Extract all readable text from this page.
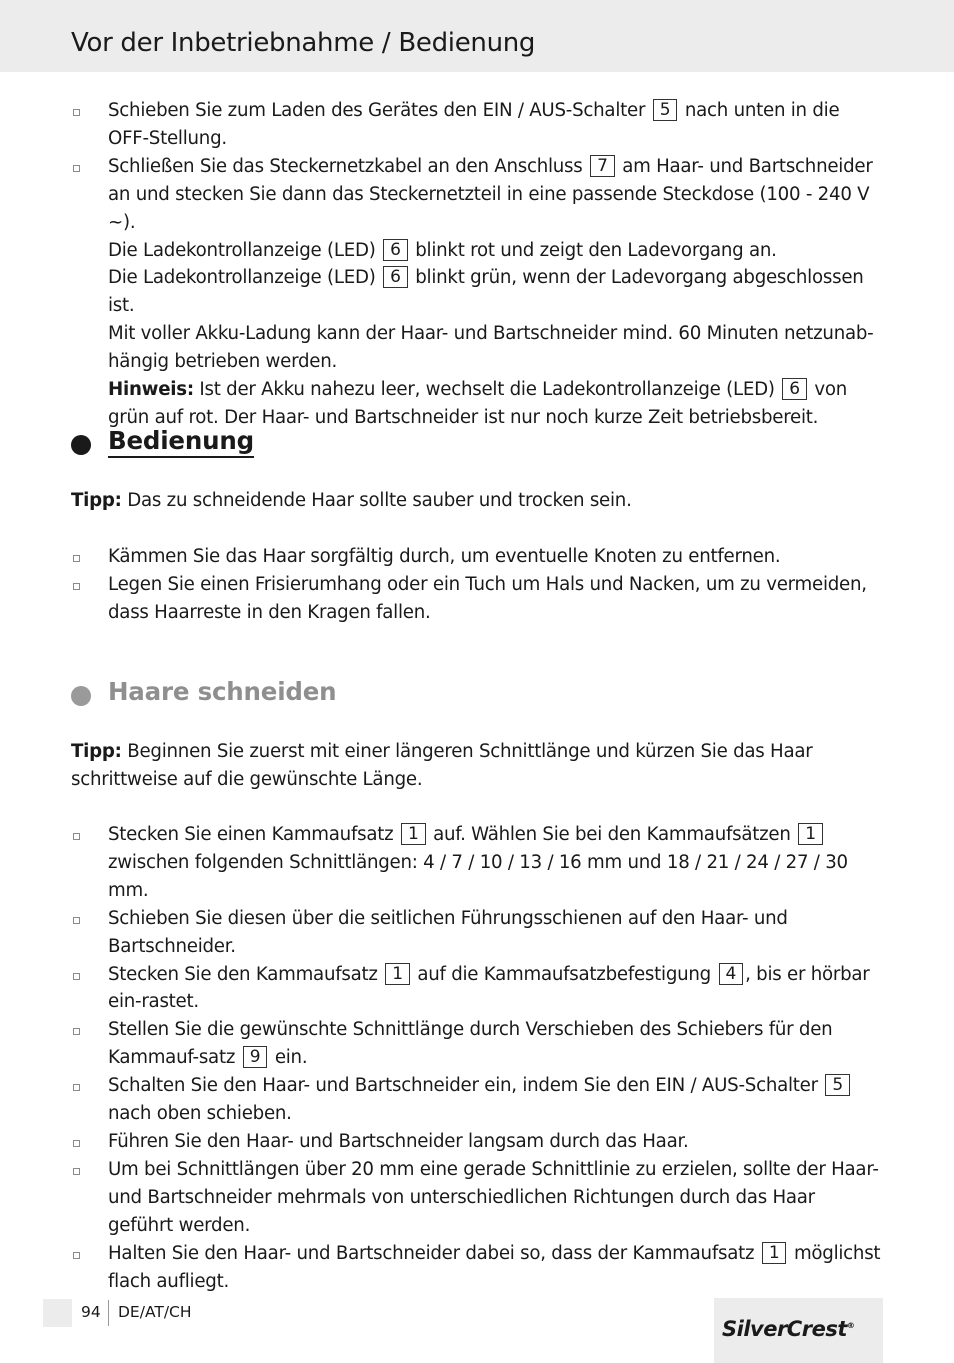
Vor der Inbetriebnahme / Bedienung
Schieben Sie zum Laden des Gerätes den EIN / AUS-Schalter 5 nach unten in die OFF-Stellung.
Schließen Sie das Steckernetzkabel an den Anschluss 7 am Haar- und Bartschneider an und stecken Sie dann das Steckernetzteil in eine passende Steckdose (100 - 240 V ~).
Die Ladekontrollanzeige (LED) 6 blinkt rot und zeigt den Ladevorgang an.
Die Ladekontrollanzeige (LED) 6 blinkt grün, wenn der Ladevorgang abgeschlossen ist.
Mit voller Akku-Ladung kann der Haar- und Bartschneider mind. 60 Minuten netzunab-hängig betrieben werden.
Hinweis: Ist der Akku nahezu leer, wechselt die Ladekontrollanzeige (LED) 6 von grün auf rot. Der Haar- und Bartschneider ist nur noch kurze Zeit betriebsbereit.
Bedienung
Tipp: Das zu schneidende Haar sollte sauber und trocken sein.
Kämmen Sie das Haar sorgfältig durch, um eventuelle Knoten zu entfernen.
Legen Sie einen Frisierumhang oder ein Tuch um Hals und Nacken, um zu vermeiden, dass Haarreste in den Kragen fallen.
Haare schneiden
Tipp: Beginnen Sie zuerst mit einer längeren Schnittlänge und kürzen Sie das Haar schrittweise auf die gewünschte Länge.
Stecken Sie einen Kammaufsatz 1 auf. Wählen Sie bei den Kammaufsätzen 1 zwischen folgenden Schnittlängen: 4 / 7 / 10 / 13 / 16 mm und 18 / 21 / 24 / 27 / 30 mm.
Schieben Sie diesen über die seitlichen Führungsschienen auf den Haar- und Bartschneider.
Stecken Sie den Kammaufsatz 1 auf die Kammaufsatzbefestigung 4 , bis er hörbar ein-rastet.
Stellen Sie die gewünschte Schnittlänge durch Verschieben des Schiebers für den Kammauf-satz 9 ein.
Schalten Sie den Haar- und Bartschneider ein, indem Sie den EIN / AUS-Schalter 5 nach oben schieben.
Führen Sie den Haar- und Bartschneider langsam durch das Haar.
Um bei Schnittlängen über 20 mm eine gerade Schnittlinie zu erzielen, sollte der Haar- und Bartschneider mehrmals von unterschiedlichen Richtungen durch das Haar geführt werden.
Halten Sie den Haar- und Bartschneider dabei so, dass der Kammaufsatz 1 möglichst flach aufliegt.
94 DE/AT/CH
SilverCrest®
